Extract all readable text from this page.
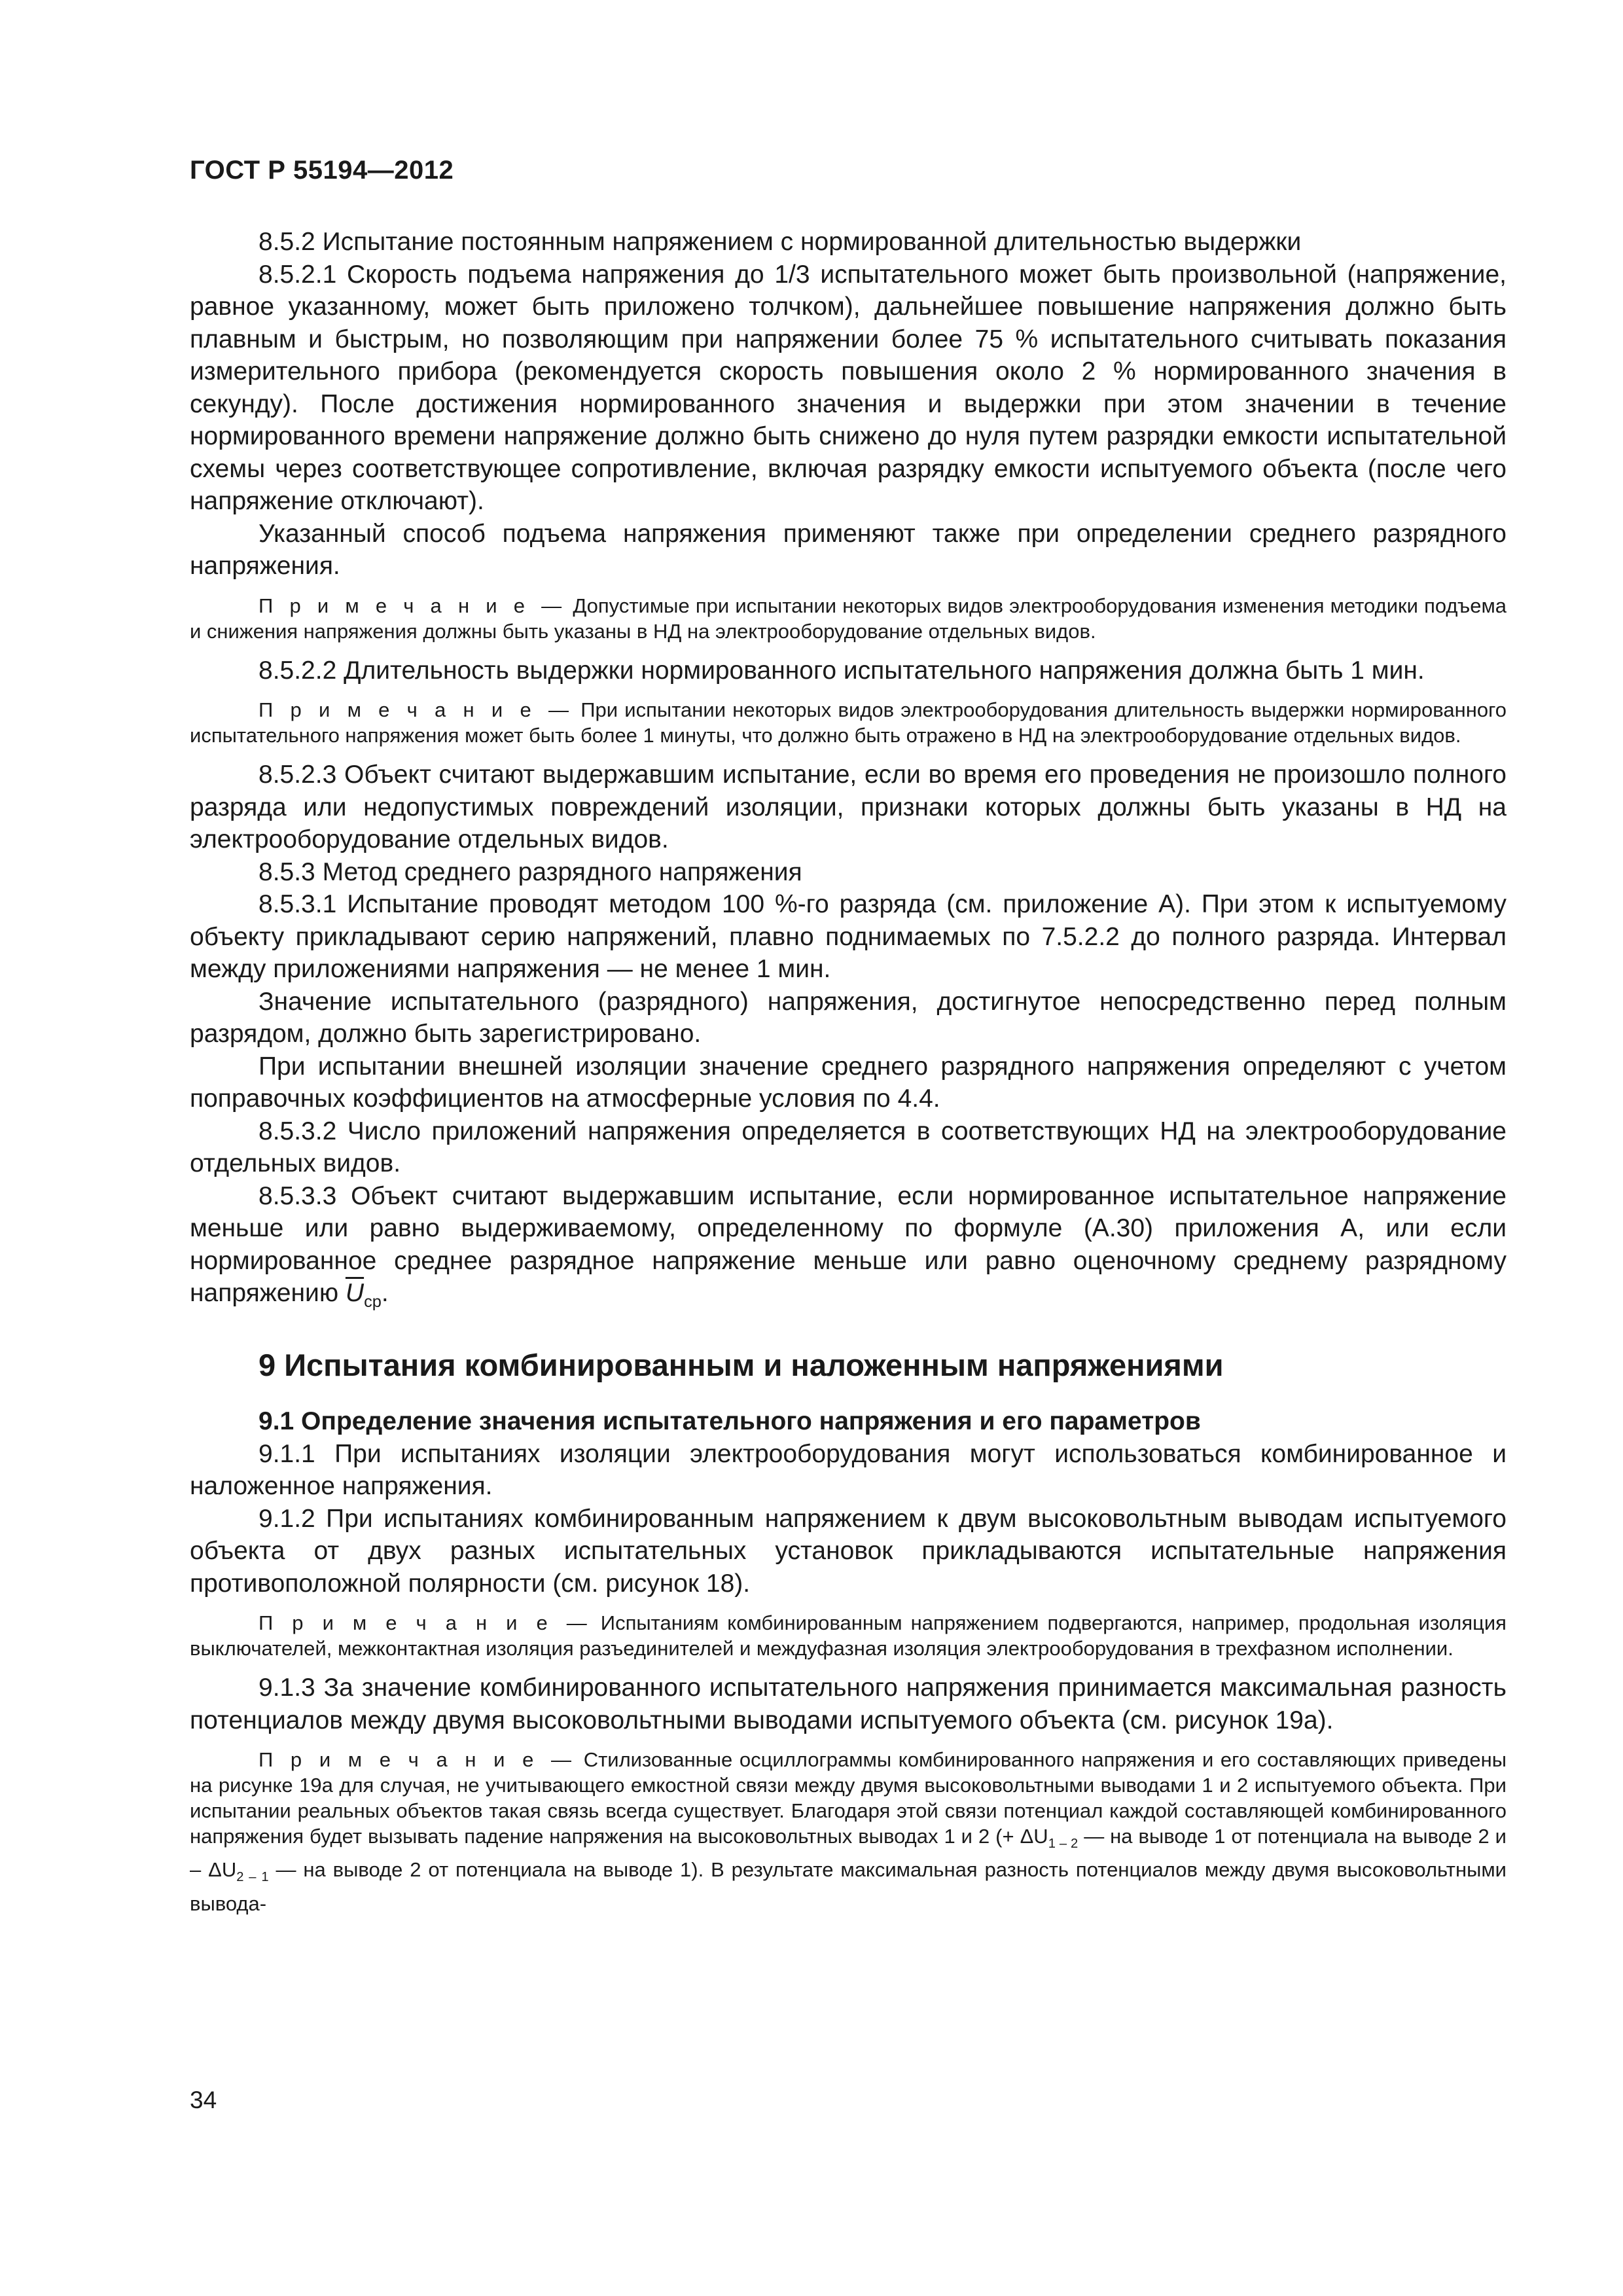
ГОСТ Р 55194—2012

8.5.2 Испытание постоянным напряжением с нормированной длительностью выдержки

8.5.2.1 Скорость подъема напряжения до 1/3 испытательного может быть произвольной (напряжение, равное указанному, может быть приложено толчком), дальнейшее повышение напряжения должно быть плавным и быстрым, но позволяющим при напряжении более 75 % испытательного считывать показания измерительного прибора (рекомендуется скорость повышения около 2 % нормированного значения в секунду). После достижения нормированного значения и выдержки при этом значении в течение нормированного времени напряжение должно быть снижено до нуля путем разрядки емкости испытательной схемы через соответствующее сопротивление, включая разрядку емкости испытуемого объекта (после чего напряжение отключают).

Указанный способ подъема напряжения применяют также при определении среднего разрядного напряжения.

П р и м е ч а н и е — Допустимые при испытании некоторых видов электрооборудования изменения методики подъема и снижения напряжения должны быть указаны в НД на электрооборудование отдельных видов.

8.5.2.2 Длительность выдержки нормированного испытательного напряжения должна быть 1 мин.

П р и м е ч а н и е — При испытании некоторых видов электрооборудования длительность выдержки нормированного испытательного напряжения может быть более 1 минуты, что должно быть отражено в НД на электрооборудование отдельных видов.

8.5.2.3 Объект считают выдержавшим испытание, если во время его проведения не произошло полного разряда или недопустимых повреждений изоляции, признаки которых должны быть указаны в НД на электрооборудование отдельных видов.

8.5.3 Метод среднего разрядного напряжения

8.5.3.1 Испытание проводят методом 100 %-го разряда (см. приложение А). При этом к испытуемому объекту прикладывают серию напряжений, плавно поднимаемых по 7.5.2.2 до полного разряда. Интервал между приложениями напряжения — не менее 1 мин.

Значение испытательного (разрядного) напряжения, достигнутое непосредственно перед полным разрядом, должно быть зарегистрировано.

При испытании внешней изоляции значение среднего разрядного напряжения определяют с учетом поправочных коэффициентов на атмосферные условия по 4.4.

8.5.3.2 Число приложений напряжения определяется в соответствующих НД на электрооборудование отдельных видов.

8.5.3.3 Объект считают выдержавшим испытание, если нормированное испытательное напряжение меньше или равно выдерживаемому, определенному по формуле (А.30) приложения А, или если нормированное среднее разрядное напряжение меньше или равно оценочному среднему разрядному напряжению $\overline{U}_{ср}$.

9 Испытания комбинированным и наложенным напряжениями

9.1 Определение значения испытательного напряжения и его параметров

9.1.1 При испытаниях изоляции электрооборудования могут использоваться комбинированное и наложенное напряжения.

9.1.2 При испытаниях комбинированным напряжением к двум высоковольтным выводам испытуемого объекта от двух разных испытательных установок прикладываются испытательные напряжения противоположной полярности (см. рисунок 18).

П р и м е ч а н и е — Испытаниям комбинированным напряжением подвергаются, например, продольная изоляция выключателей, межконтактная изоляция разъединителей и междуфазная изоляция электрооборудования в трехфазном исполнении.

9.1.3 За значение комбинированного испытательного напряжения принимается максимальная разность потенциалов между двумя высоковольтными выводами испытуемого объекта (см. рисунок 19а).

П р и м е ч а н и е — Стилизованные осциллограммы комбинированного напряжения и его составляющих приведены на рисунке 19а для случая, не учитывающего емкостной связи между двумя высоковольтными выводами 1 и 2 испытуемого объекта. При испытании реальных объектов такая связь всегда существует. Благодаря этой связи потенциал каждой составляющей комбинированного напряжения будет вызывать падение напряжения на высоковольтных выводах 1 и 2 (+ $\Delta U_{1 - 2}$ — на выводе 1 от потенциала на выводе 2 и – $\Delta U_{2 - 1}$ — на выводе 2 от потенциала на выводе 1). В результате максимальная разность потенциалов между двумя высоковольтными вывода-

34
